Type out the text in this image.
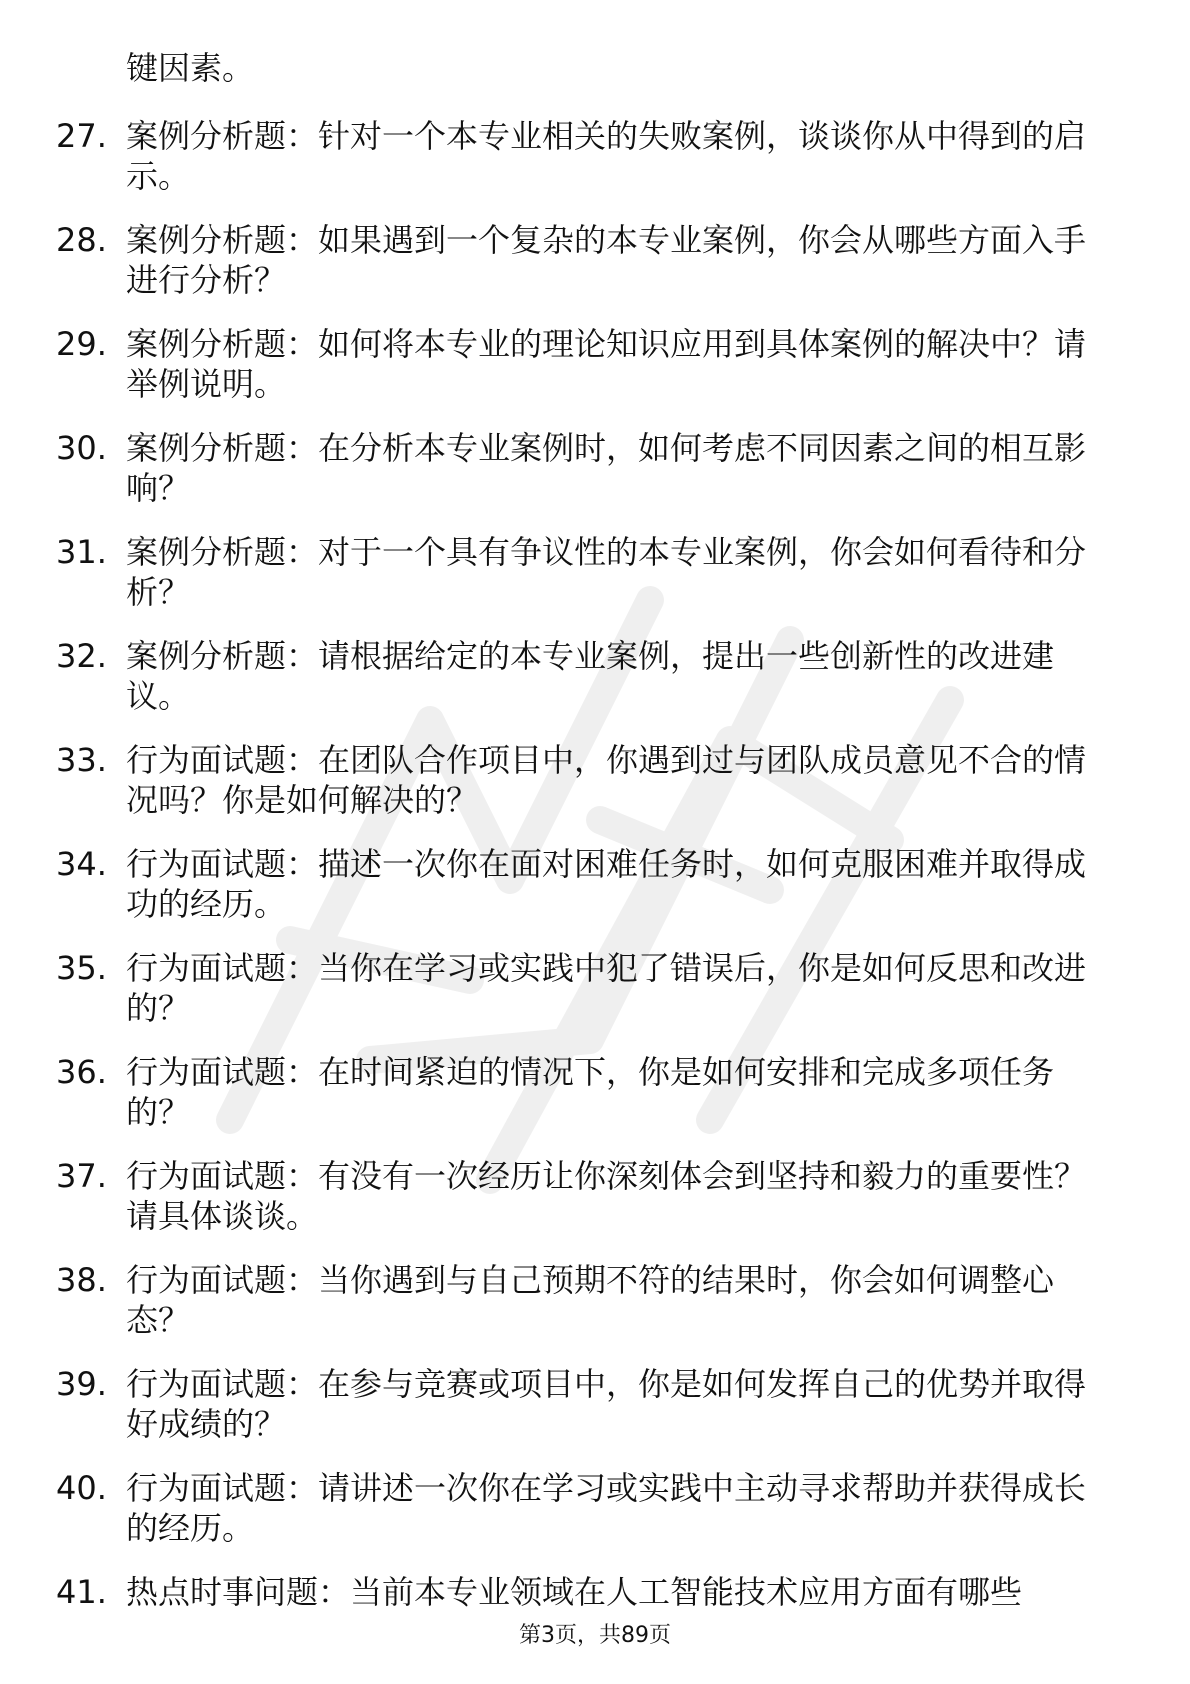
键因素。

27. 案例分析题：针对一个本专业相关的失败案例，谈谈你从中得到的启示。

28. 案例分析题：如果遇到一个复杂的本专业案例，你会从哪些方面入手进行分析？

29. 案例分析题：如何将本专业的理论知识应用到具体案例的解决中？请举例说明。

30. 案例分析题：在分析本专业案例时，如何考虑不同因素之间的相互影响？

31. 案例分析题：对于一个具有争议性的本专业案例，你会如何看待和分析？

32. 案例分析题：请根据给定的本专业案例，提出一些创新性的改进建议。

33. 行为面试题：在团队合作项目中，你遇到过与团队成员意见不合的情况吗？你是如何解决的？

34. 行为面试题：描述一次你在面对困难任务时，如何克服困难并取得成功的经历。

35. 行为面试题：当你在学习或实践中犯了错误后，你是如何反思和改进的？

36. 行为面试题：在时间紧迫的情况下，你是如何安排和完成多项任务的？

37. 行为面试题：有没有一次经历让你深刻体会到坚持和毅力的重要性？请具体谈谈。

38. 行为面试题：当你遇到与自己预期不符的结果时，你会如何调整心态？

39. 行为面试题：在参与竞赛或项目中，你是如何发挥自己的优势并取得好成绩的？

40. 行为面试题：请讲述一次你在学习或实践中主动寻求帮助并获得成长的经历。

41. 热点时事问题：当前本专业领域在人工智能技术应用方面有哪些

第3页，共89页
